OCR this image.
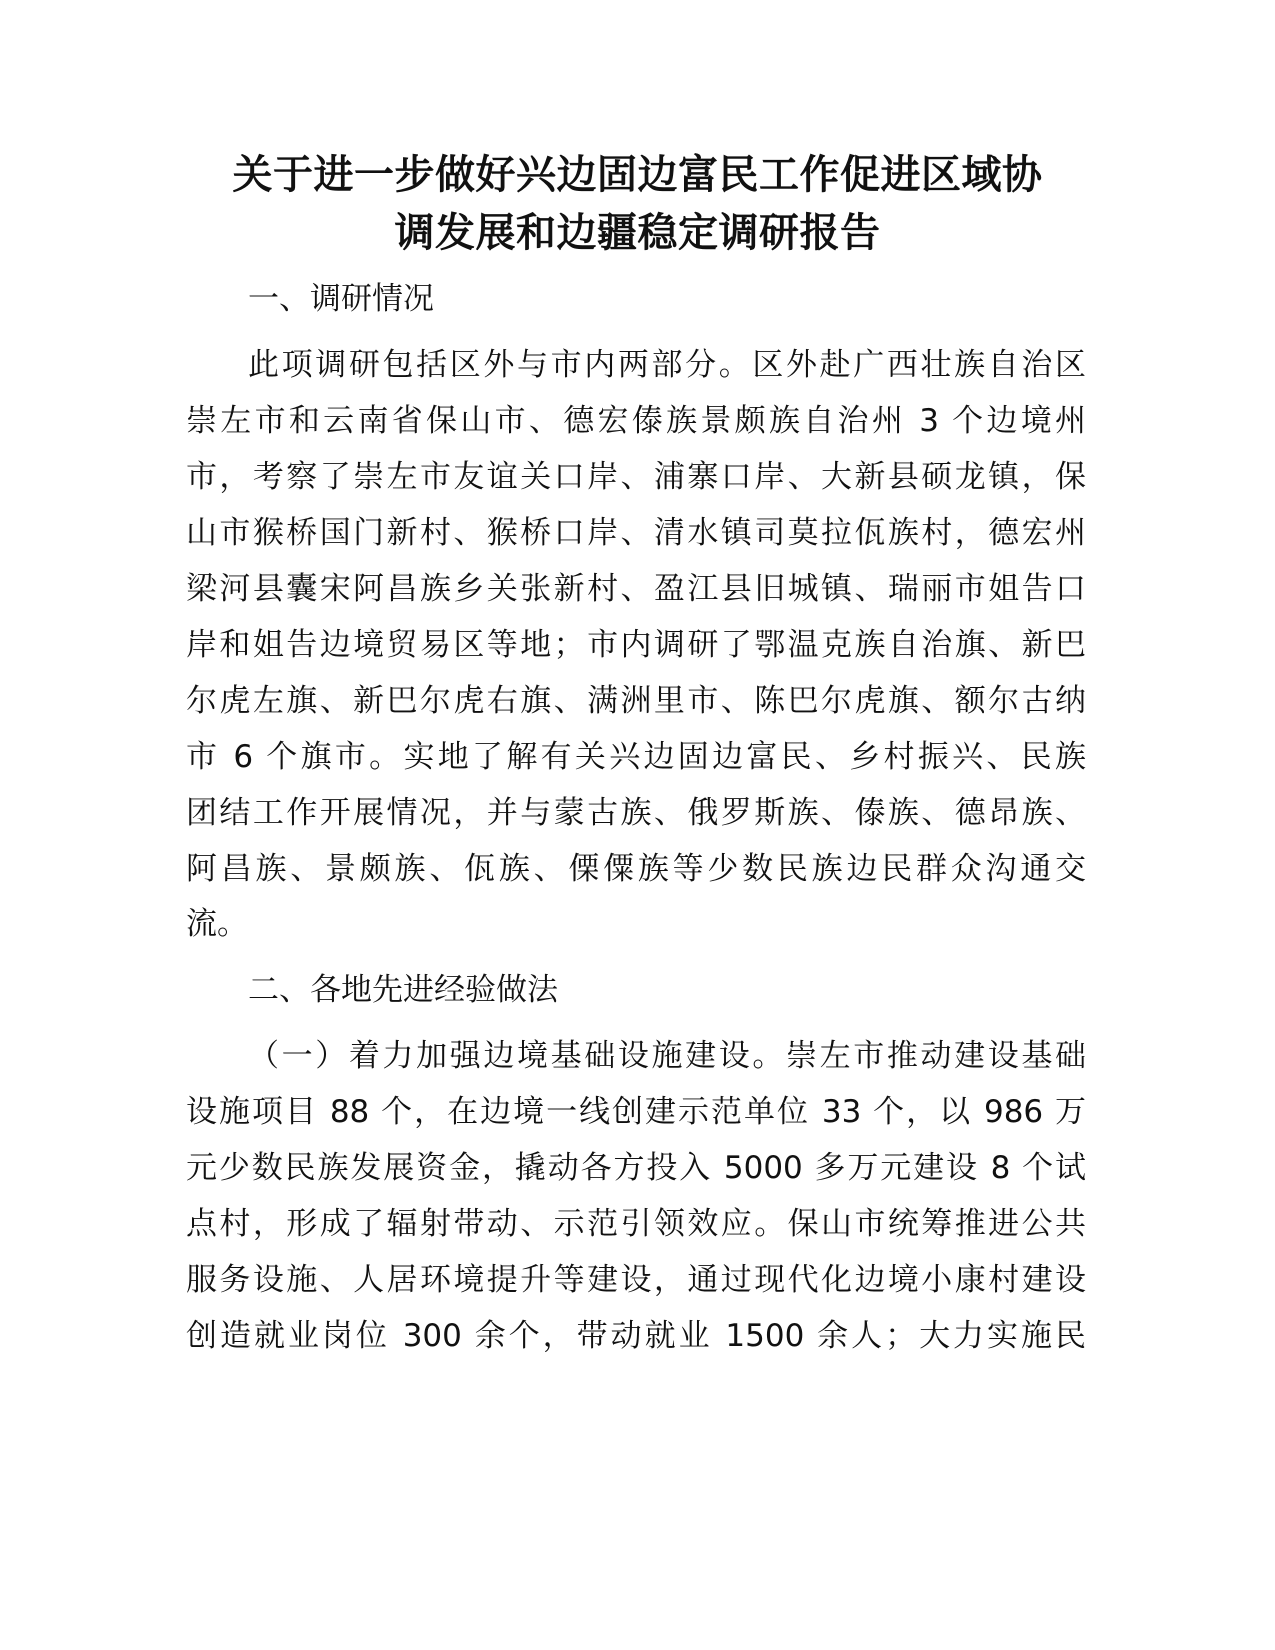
关于进一步做好兴边固边富民工作促进区域协
调发展和边疆稳定调研报告

一、调研情况

此项调研包括区外与市内两部分。区外赴广西壮族自治区

崇左市和云南省保山市、德宏傣族景颇族自治州 3 个边境州

市，考察了崇左市友谊关口岸、浦寨口岸、大新县硕龙镇，保

山市猴桥国门新村、猴桥口岸、清水镇司莫拉佤族村，德宏州

梁河县囊宋阿昌族乡关张新村、盈江县旧城镇、瑞丽市姐告口

岸和姐告边境贸易区等地；市内调研了鄂温克族自治旗、新巴

尔虎左旗、新巴尔虎右旗、满洲里市、陈巴尔虎旗、额尔古纳

市 6 个旗市。实地了解有关兴边固边富民、乡村振兴、民族

团结工作开展情况，并与蒙古族、俄罗斯族、傣族、德昂族、

阿昌族、景颇族、佤族、傈僳族等少数民族边民群众沟通交

流。

二、各地先进经验做法

（一）着力加强边境基础设施建设。崇左市推动建设基础

设施项目 88 个，在边境一线创建示范单位 33 个，以 986 万

元少数民族发展资金，撬动各方投入 5000 多万元建设 8 个试

点村，形成了辐射带动、示范引领效应。保山市统筹推进公共

服务设施、人居环境提升等建设，通过现代化边境小康村建设

创造就业岗位 300 余个，带动就业 1500 余人；大力实施民
